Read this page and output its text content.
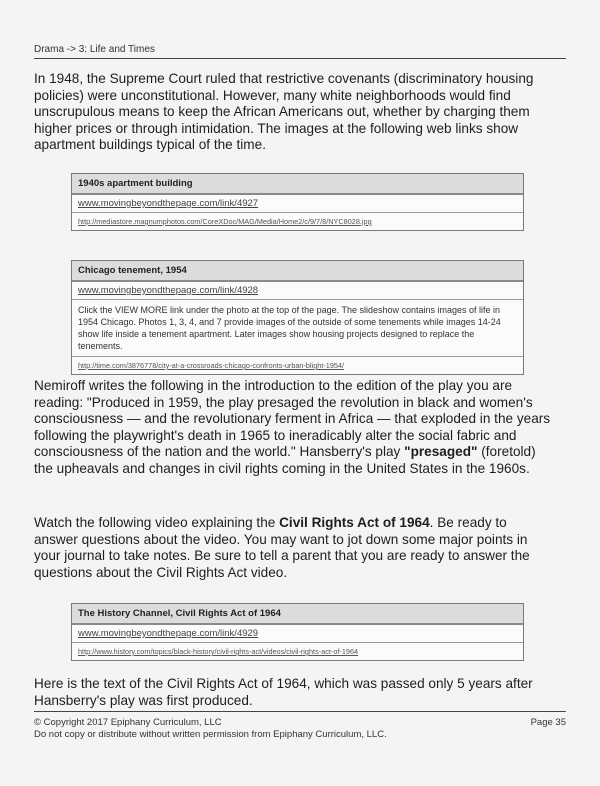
Drama -> 3: Life and Times

In 1948, the Supreme Court ruled that restrictive covenants (discriminatory housing policies) were unconstitutional. However, many white neighborhoods would find unscrupulous means to keep the African Americans out, whether by charging them higher prices or through intimidation. The images at the following web links show apartment buildings typical of the time.

1940s apartment building
www.movingbeyondthepage.com/link/4927
http://mediastore.magnumphotos.com/CoreXDoc/MAG/Media/Home2/c/9/7/8/NYC8028.jpg
Chicago tenement, 1954
www.movingbeyondthepage.com/link/4928
Click the VIEW MORE link under the photo at the top of the page. The slideshow contains images of life in 1954 Chicago. Photos 1, 3, 4, and 7 provide images of the outside of some tenements while images 14-24 show life inside a tenement apartment. Later images show housing projects designed to replace the tenements.
http://time.com/3876778/city-at-a-crossroads-chicago-confronts-urban-blight-1954/

Nemiroff writes the following in the introduction to the edition of the play you are reading: "Produced in 1959, the play presaged the revolution in black and women's consciousness — and the revolutionary ferment in Africa — that exploded in the years following the playwright's death in 1965 to ineradicably alter the social fabric and consciousness of the nation and the world." Hansberry's play "presaged" (foretold) the upheavals and changes in civil rights coming in the United States in the 1960s.

Watch the following video explaining the Civil Rights Act of 1964. Be ready to answer questions about the video. You may want to jot down some major points in your journal to take notes. Be sure to tell a parent that you are ready to answer the questions about the Civil Rights Act video.

The History Channel, Civil Rights Act of 1964
www.movingbeyondthepage.com/link/4929
http://www.history.com/topics/black-history/civil-rights-act/videos/civil-rights-act-of-1964

Here is the text of the Civil Rights Act of 1964, which was passed only 5 years after Hansberry's play was first produced.

© Copyright 2017 Epiphany Curriculum, LLC
Do not copy or distribute without written permission from Epiphany Curriculum, LLC.
Page 35
